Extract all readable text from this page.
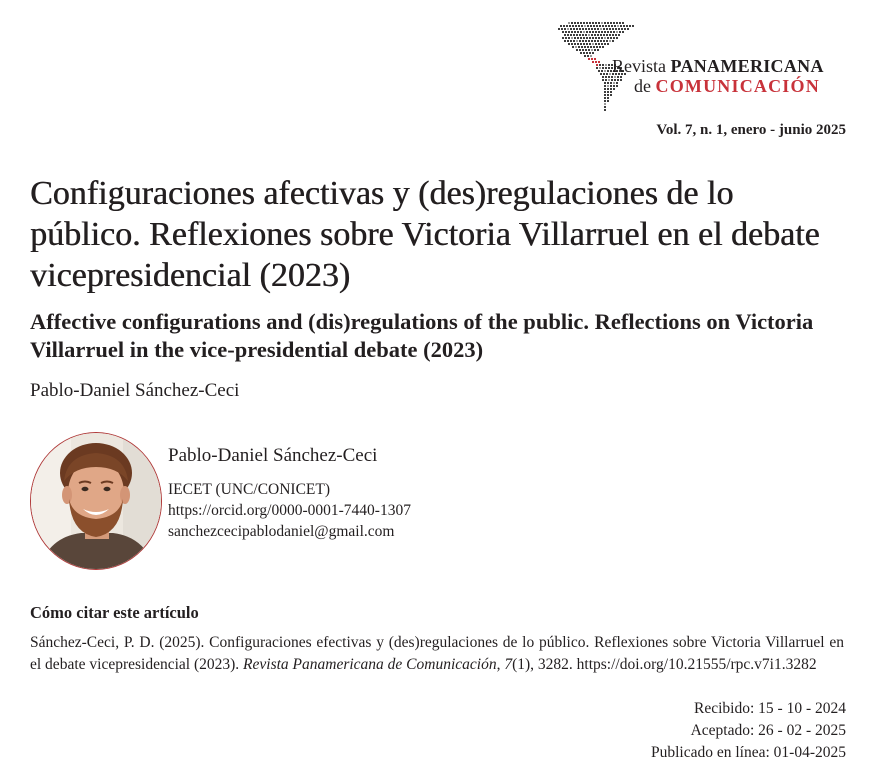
Revista PANAMERICANA
de COMUNICACIÓN
Vol. 7, n. 1, enero - junio 2025
Configuraciones afectivas y (des)regulaciones de lo público. Reflexiones sobre Victoria Villarruel en el debate vicepresidencial (2023)
Affective configurations and (dis)regulations of the public. Reflections on Victoria Villarruel in the vice-presidential debate (2023)
Pablo-Daniel Sánchez-Ceci
Pablo-Daniel Sánchez-Ceci
IECET (UNC/CONICET)
https://orcid.org/0000-0001-7440-1307
sanchezcecipablodaniel@gmail.com
Cómo citar este artículo
Sánchez-Ceci, P. D. (2025). Configuraciones efectivas y (des)regulaciones de lo público. Reflexiones sobre Victoria Villarruel en el debate vicepresidencial (2023). Revista Panamericana de Comunicación, 7(1), 3282. https://doi.org/10.21555/rpc.v7i1.3282
Recibido: 15 - 10 - 2024
Aceptado: 26 - 02 - 2025
Publicado en línea: 01-04-2025
